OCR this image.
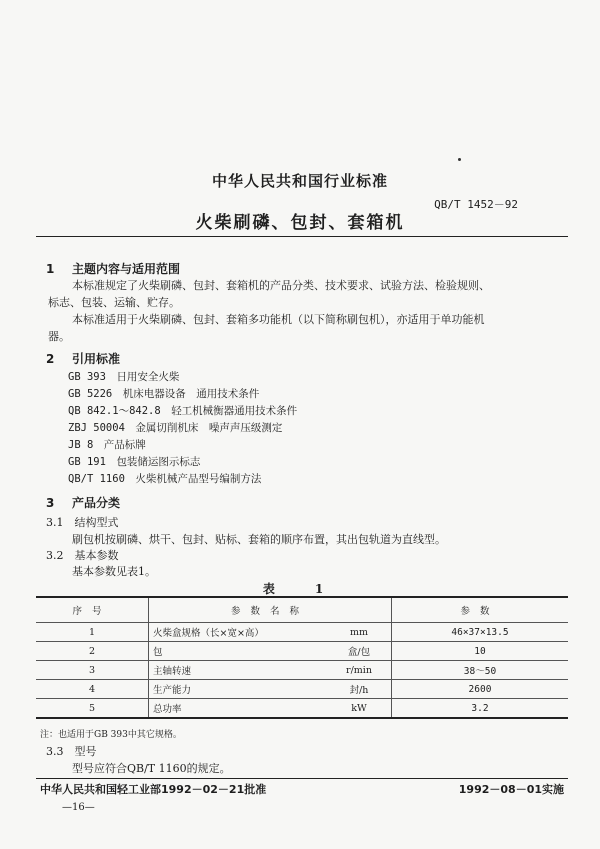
中华人民共和国行业标准
QB/T 1452－92
火柴刷磷、包封、套箱机
1 主题内容与适用范围
本标准规定了火柴刷磷、包封、套箱机的产品分类、技术要求、试验方法、检验规则、
标志、包装、运输、贮存。
本标准适用于火柴刷磷、包封、套箱多功能机（以下简称刷包机），亦适用于单功能机
器。
2 引用标准
GB 393　 日用安全火柴
GB 5226　 机床电器设备　通用技术条件
QB 842.1～842.8　 轻工机械衡器通用技术条件
ZBJ 50004　 金属切削机床　噪声声压级测定
JB 8　 产品标牌
GB 191　 包装储运图示标志
QB/T 1160　 火柴机械产品型号编制方法
3 产品分类
3.1　 结构型式
刷包机按刷磷、烘干、包封、贴标、套箱的顺序布置，其出包轨道为直线型。
3.2　 基本参数
基本参数见表1。
表　1
序号	参数名称		参数
1	火柴盒规格（长×宽×高）	mm	46×37×13.5
2	包	盒/包	10
3	主轴转速	r/min	38～50
4	生产能力	封/h	2600
5	总功率	kW	3.2
注：也适用于GB 393中其它规格。
3.3　 型号
型号应符合QB/T 1160的规定。
中华人民共和国轻工业部1992－02－21批准	1992－08－01实施
—16—
